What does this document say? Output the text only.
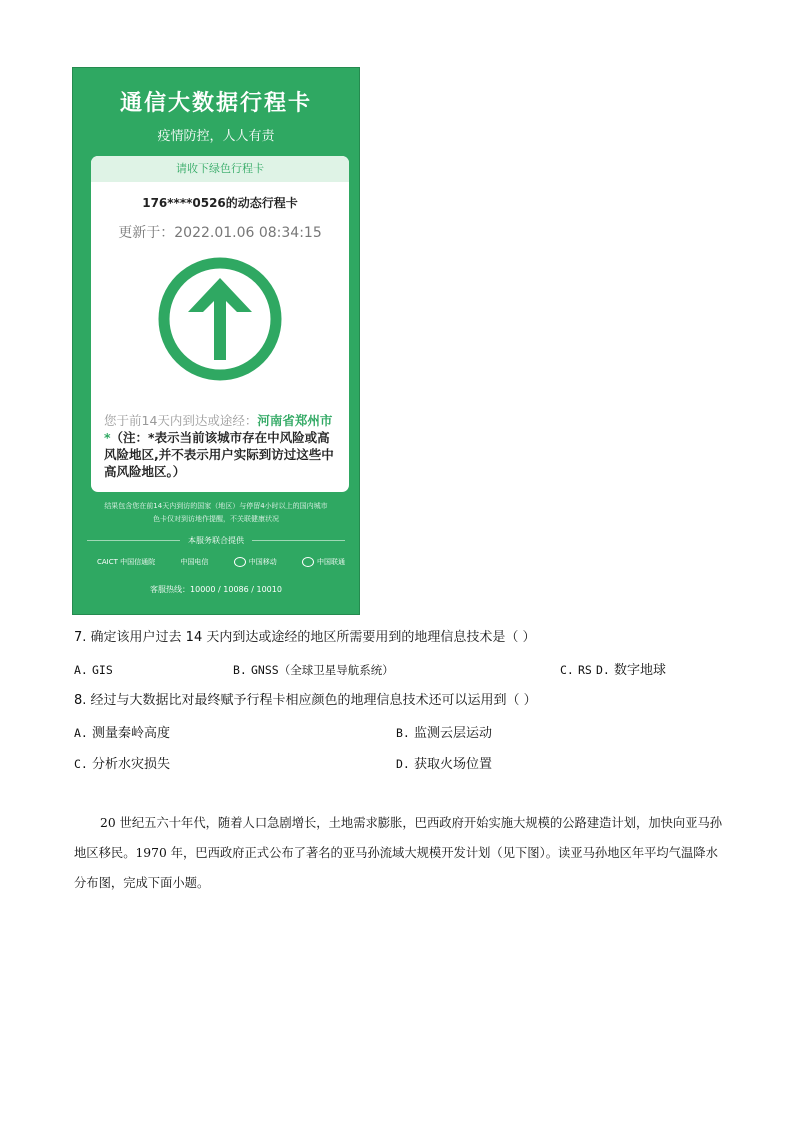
通信大数据行程卡
疫情防控，人人有责
请收下绿色行程卡
176****0526的动态行程卡
更新于：2022.01.06 08:34:15
您于前14天内到达或途经：河南省郑州市*（注：*表示当前该城市存在中风险或高风险地区,并不表示用户实际到访过这些中高风险地区。）
结果包含您在前14天内到访的国家（地区）与停留4小时以上的国内城市
色卡仅对到访地作提醒，不关联健康状况
本服务联合提供
CAICT 中国信通院	中国电信	中国移动	中国联通
客服热线：10000 / 10086 / 10010
7. 确定该用户过去 14 天内到达或途经的地区所需要用到的地理信息技术是（ ）
A. GIS	B. GNSS（全球卫星导航系统）	C. RS D. 数字地球
8. 经过与大数据比对最终赋予行程卡相应颜色的地理信息技术还可以运用到（ ）
A. 测量秦岭高度	B. 监测云层运动
C. 分析水灾损失	D. 获取火场位置
20 世纪五六十年代，随着人口急剧增长，土地需求膨胀，巴西政府开始实施大规模的公路建造计划，加快向亚马孙地区移民。1970 年，巴西政府正式公布了著名的亚马孙流域大规模开发计划（见下图）。读亚马孙地区年平均气温降水分布图，完成下面小题。
